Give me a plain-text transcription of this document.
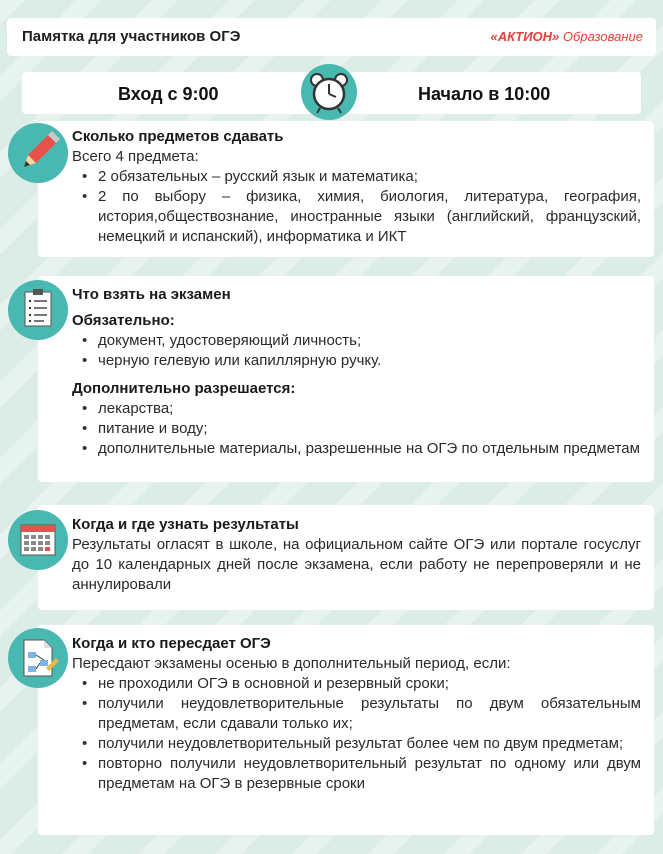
Памятка для участников ОГЭ	«АКТИОН» Образование
Вход с 9:00	Начало в 10:00
Сколько предметов сдавать
Всего 4 предмета:
• 2 обязательных – русский язык и математика;
• 2 по выбору – физика, химия, биология, литература, география, история,обществознание, иностранные языки (английский, французский, немецкий и испанский), информатика и ИКТ
Что взять на экзамен
Обязательно:
• документ, удостоверяющий личность;
• черную гелевую или капиллярную ручку.
Дополнительно разрешается:
• лекарства;
• питание и воду;
• дополнительные материалы, разрешенные на ОГЭ по отдельным предметам
Когда и где узнать результаты

Результаты огласят в школе, на официальном сайте ОГЭ или портале госуслуг до 10 календарных дней после экзамена, если работу не перепроверяли и не аннулировали

Когда и кто пересдает ОГЭ
Пересдают экзамены осенью в дополнительный период, если:
• не проходили ОГЭ в основной и резервный сроки;
• получили неудовлетворительные результаты по двум обязательным предметам, если сдавали только их;
• получили неудовлетворительный результат более чем по двум предметам;
• повторно получили неудовлетворительный результат по одному или двум предметам на ОГЭ в резервные сроки
